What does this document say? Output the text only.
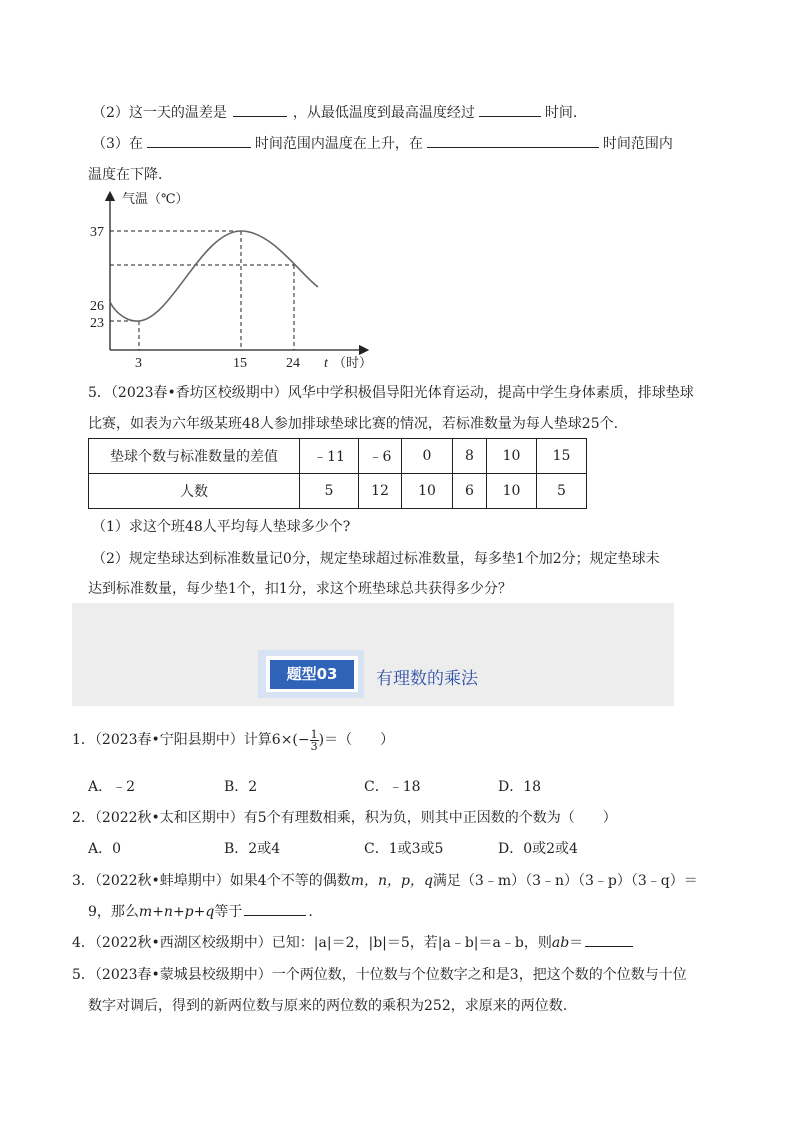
（2）这一天的温差是	，从最低温度到最高温度经过	时间.
（3）在	时间范围内温度在上升，在	时间范围内
温度在下降.
气温（℃）
37
26
23
3	15	24 t （时）
5．（2023春•香坊区校级期中）风华中学积极倡导阳光体育运动，提高中学生身体素质，排球垫球
比赛，如表为六年级某班48人参加排球垫球比赛的情况，若标准数量为每人垫球25个.
垫球个数与标准数量的差值	﹣11	﹣6	0	8	10	15
人数	5	12	10	6	10	5
（1）求这个班48人平均每人垫球多少个?
（2）规定垫球达到标准数量记0分，规定垫球超过标准数量，每多垫1个加2分；规定垫球未
达到标准数量，每少垫1个，扣1分，求这个班垫球总共获得多少分？
题型03	有理数的乘法
1．（2023春•宁阳县期中）计算$6\times(- \frac{1}{3}$ )＝（　　）
A．﹣2	B．2	C．﹣18	D．18
2．（2022秋•太和区期中）有5个有理数相乘，积为负，则其中正因数的个数为（　　）
A．0	B．2或4	C．1或3或5	D．0或2或4
3．（2022秋•蚌埠期中）如果4个不等的偶数m，n，p，q满足（3﹣m）（3﹣n）（3﹣p）（3﹣q）＝
9，那么m+n+p+q等于	.
4．（2022秋•西湖区校级期中）已知：|a|＝2，|b|＝5，若|a﹣b|＝a﹣b，则ab＝
5．（2023春•蒙城县校级期中）一个两位数，十位数与个位数字之和是3，把这个数的个位数与十位
数字对调后，得到的新两位数与原来的两位数的乘积为252，求原来的两位数.
